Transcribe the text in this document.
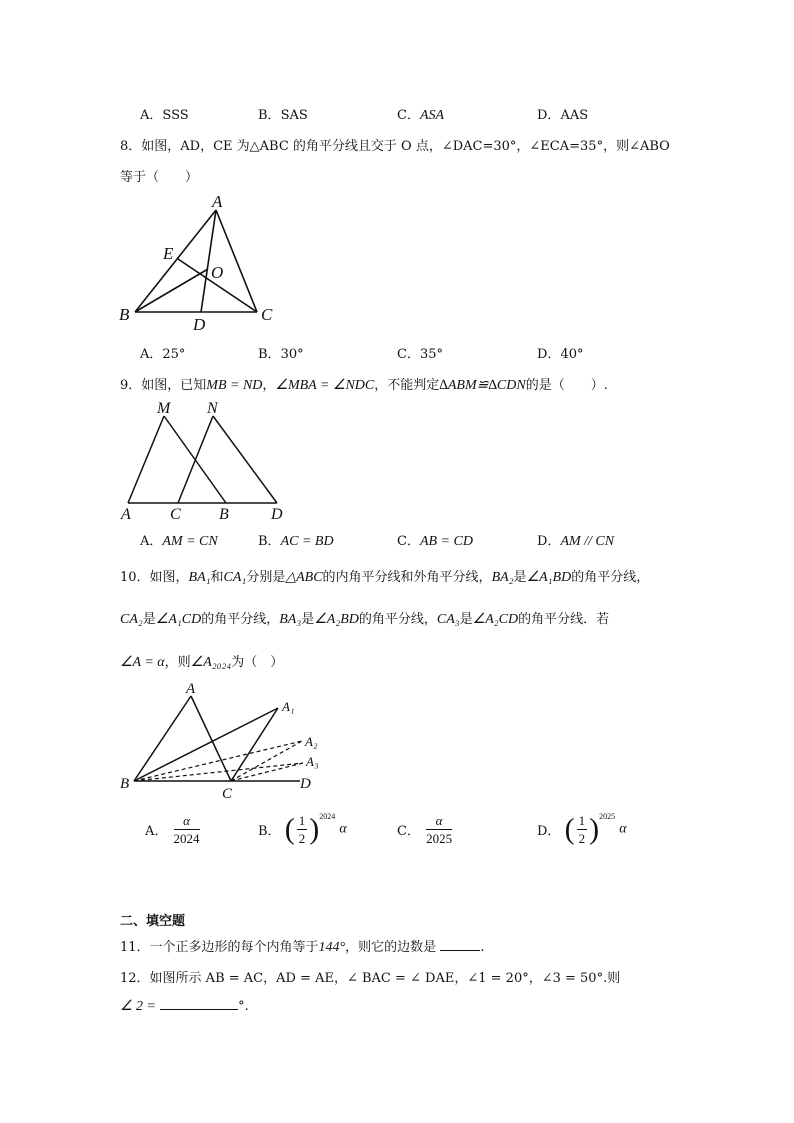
A．SSS	B．SAS	C．ASA	D．AAS
8．如图，AD，CE 为△ABC 的角平分线且交于 O 点，∠DAC=30°，∠ECA=35°，则∠ABO
等于（　　）
A
E
O
B
D
C
A．25°	B．30°	C．35°	D．40°
9．如图，已知MB = ND，∠MBA = ∠NDC，不能判定∆ABM≌∆CDN的是（　　）.
M N
A C B	D
A．AM = CN	B．AC = BD	C．AB = CD	D．AM // CN
10．如图，BA₁和CA₁分别是△ABC的内角平分线和外角平分线，BA₂是∠A₁BD的角平分线，
CA₂是∠A₁CD的角平分线，BA₃是∠A₂BD的角平分线，CA₃是∠A₂CD的角平分线．若
∠A = α，则∠A₂₀₂₄为（　）
A
A₁
A₂
A₃
B
C
D
A． $\frac{\alpha}{2024}$	B． ( $\frac{1}{2} )^{2024}$ α	C． $\frac{\alpha}{2025}$	D． ( $\frac{1}{2} )^{2025}$ α
二、填空题
11．一个正多边形的每个内角等于144°，则它的边数是	.
12．如图所示 AB = AC，AD = AE，∠ BAC = ∠ DAE，∠1 = 20°，∠3 = 50°.则
∠ 2 =	°.
